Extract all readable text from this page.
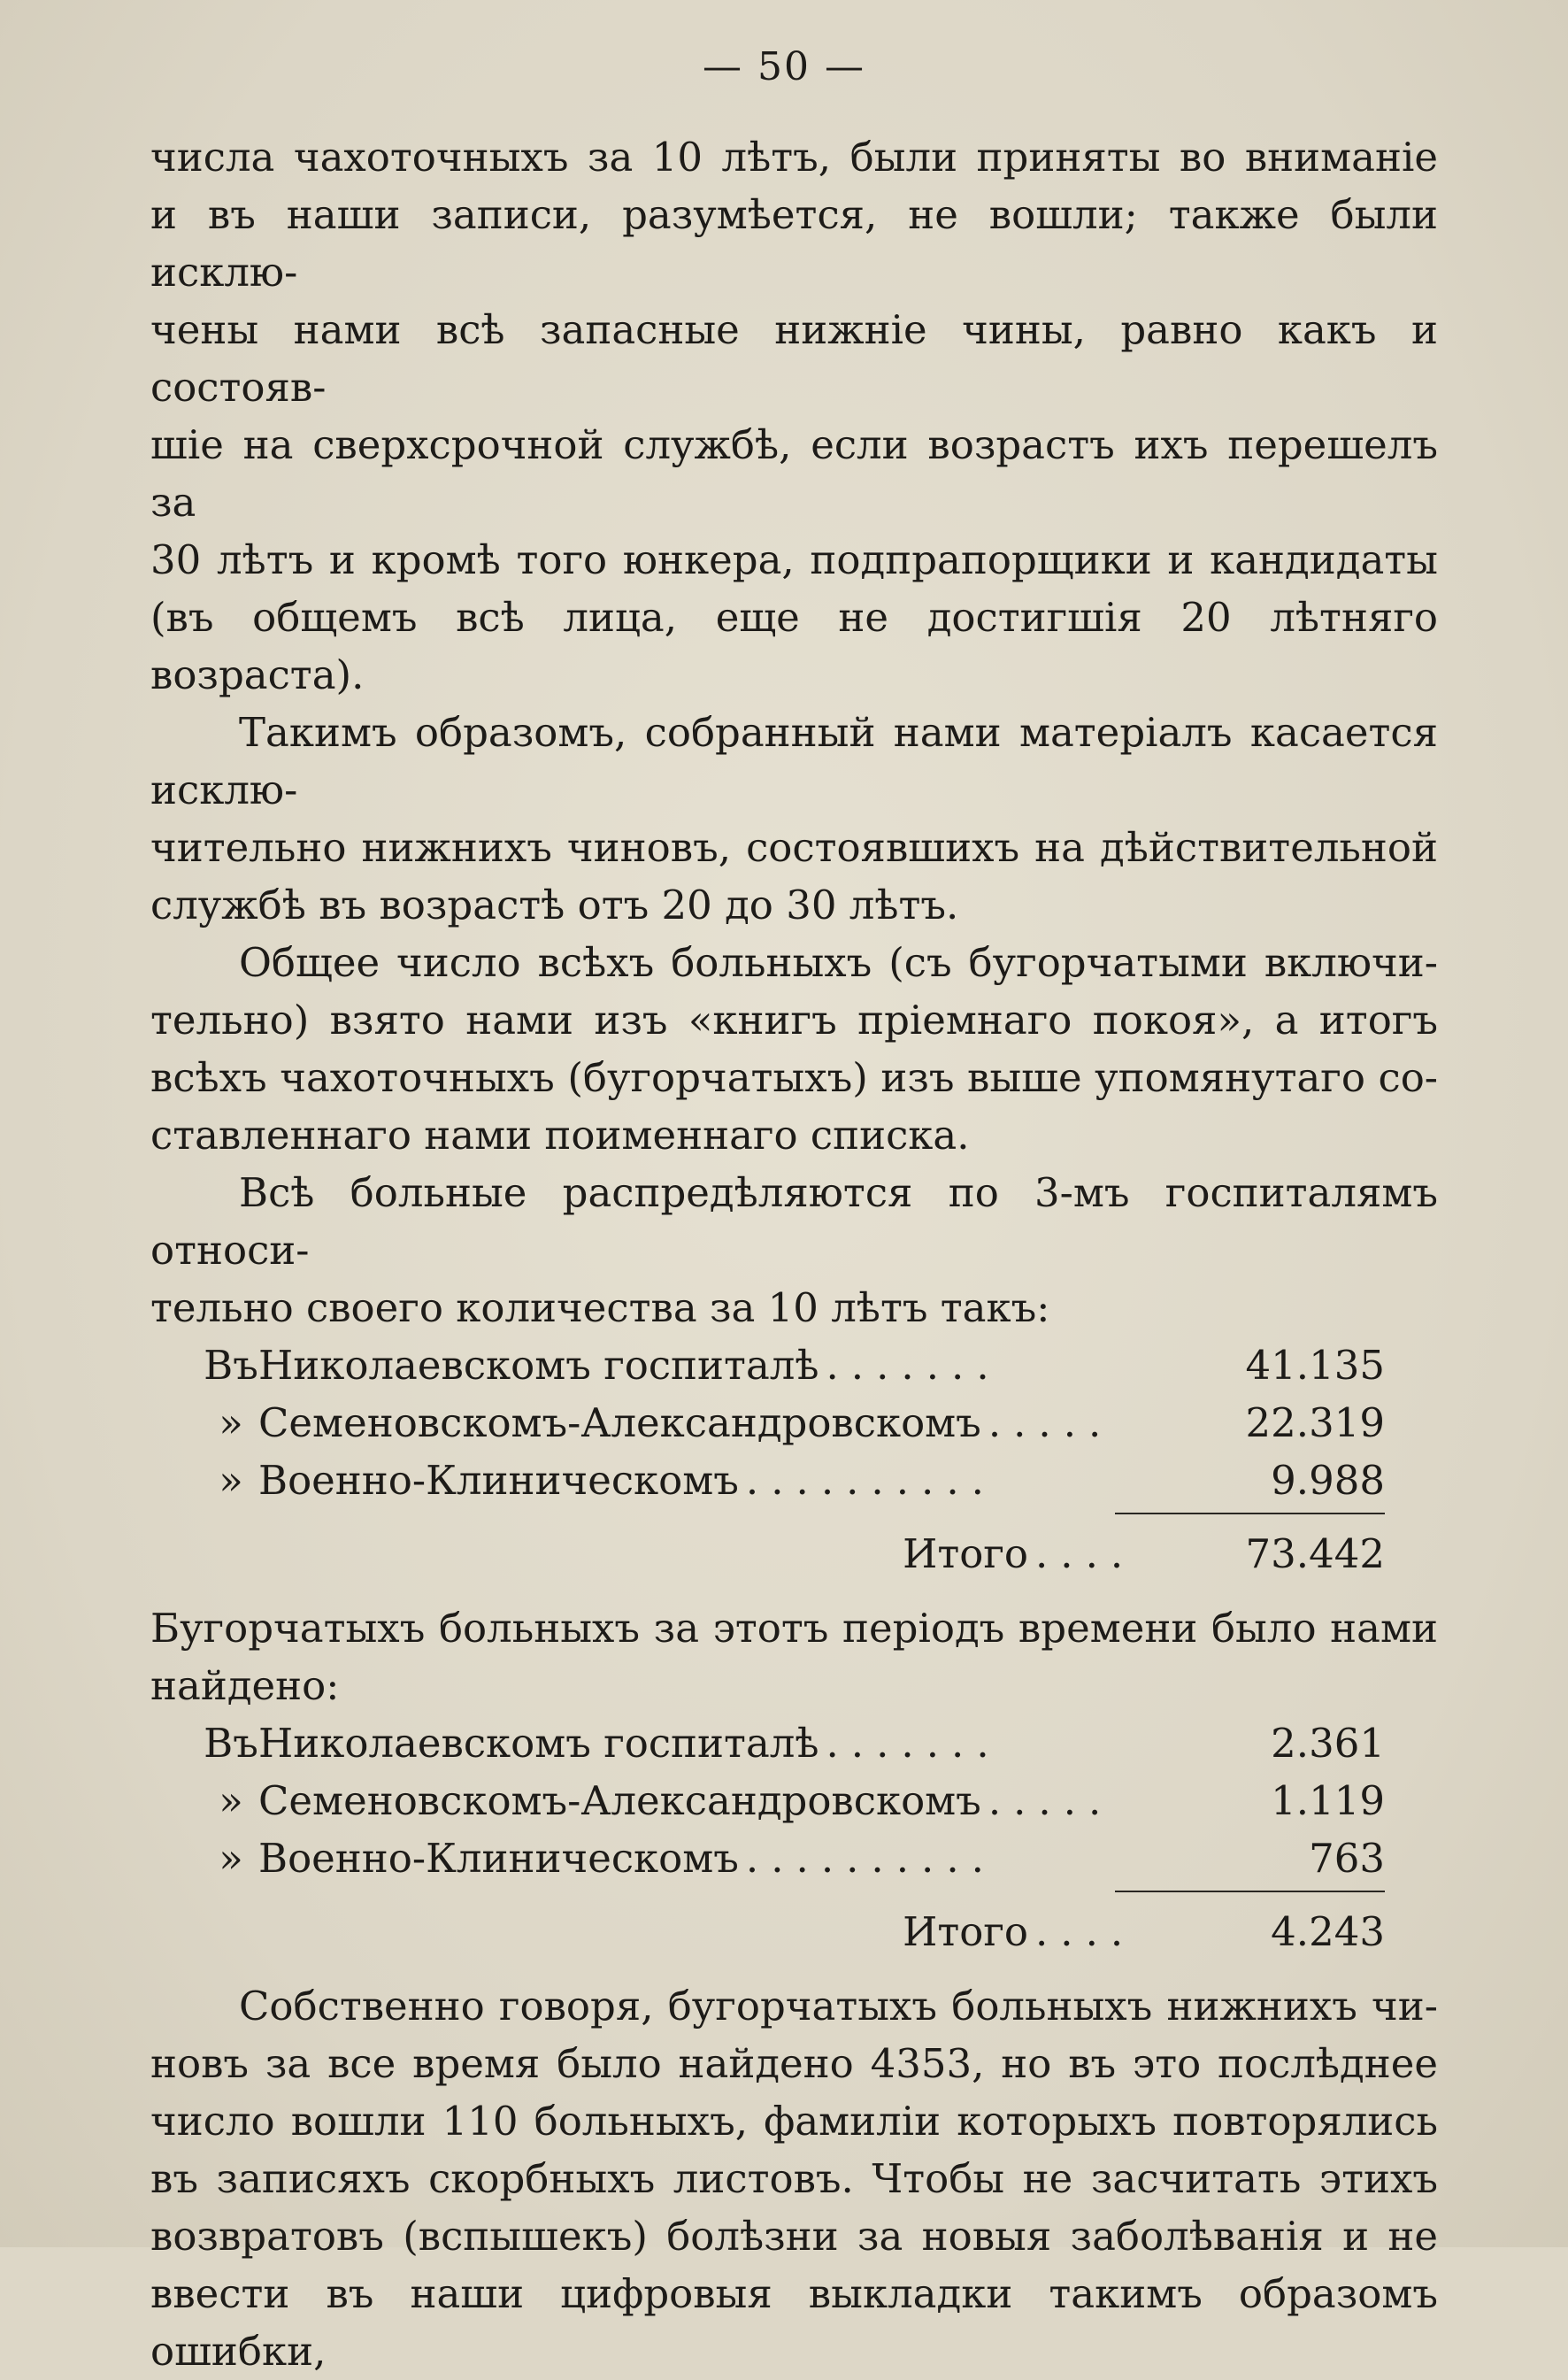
— 50 —

числа чахоточныхъ за 10 лѣтъ, были приняты во вниманіе
и въ наши записи, разумѣется, не вошли; также были исклю-
чены нами всѣ запасные нижніе чины, равно какъ и состояв-
шіе на сверхсрочной службѣ, если возрастъ ихъ перешелъ за
30 лѣтъ и кромѣ того юнкера, подпрапорщики и кандидаты
(въ общемъ всѣ лица, еще не достигшія 20 лѣтняго возраста).

Такимъ образомъ, собранный нами матеріалъ касается исклю-
чительно нижнихъ чиновъ, состоявшихъ на дѣйствительной
службѣ въ возрастѣ отъ 20 до 30 лѣтъ.

Общее число всѣхъ больныхъ (съ бугорчатыми включи-
тельно) взято нами изъ «книгъ пріемнаго покоя», а итогъ
всѣхъ чахоточныхъ (бугорчатыхъ) изъ выше упомянутаго со-
ставленнаго нами поименнаго списка.

Всѣ больные распредѣляются по 3-мъ госпиталямъ относи-
тельно своего количества за 10 лѣтъ такъ:

ВъНиколаевскомъ госпиталѣ .......	41.135
» Семеновскомъ-Александровскомъ .....	22.319
» Военно-Клиническомъ ..........	9.988
Итого ....	73.442

Бугорчатыхъ больныхъ за этотъ періодъ времени было нами
найдено:

ВъНиколаевскомъ госпиталѣ .......	2.361
» Семеновскомъ-Александровскомъ .....	1.119
» Военно-Клиническомъ ..........	763
Итого ....	4.243

Собственно говоря, бугорчатыхъ больныхъ нижнихъ чи-
новъ за все время было найдено 4353, но въ это послѣднее
число вошли 110 больныхъ, фамиліи которыхъ повторялись
въ записяхъ скорбныхъ листовъ. Чтобы не засчитать этихъ
возвратовъ (вспышекъ) болѣзни за новыя заболѣванія и не
ввести въ наши цифровыя выкладки такимъ образомъ ошибки,
